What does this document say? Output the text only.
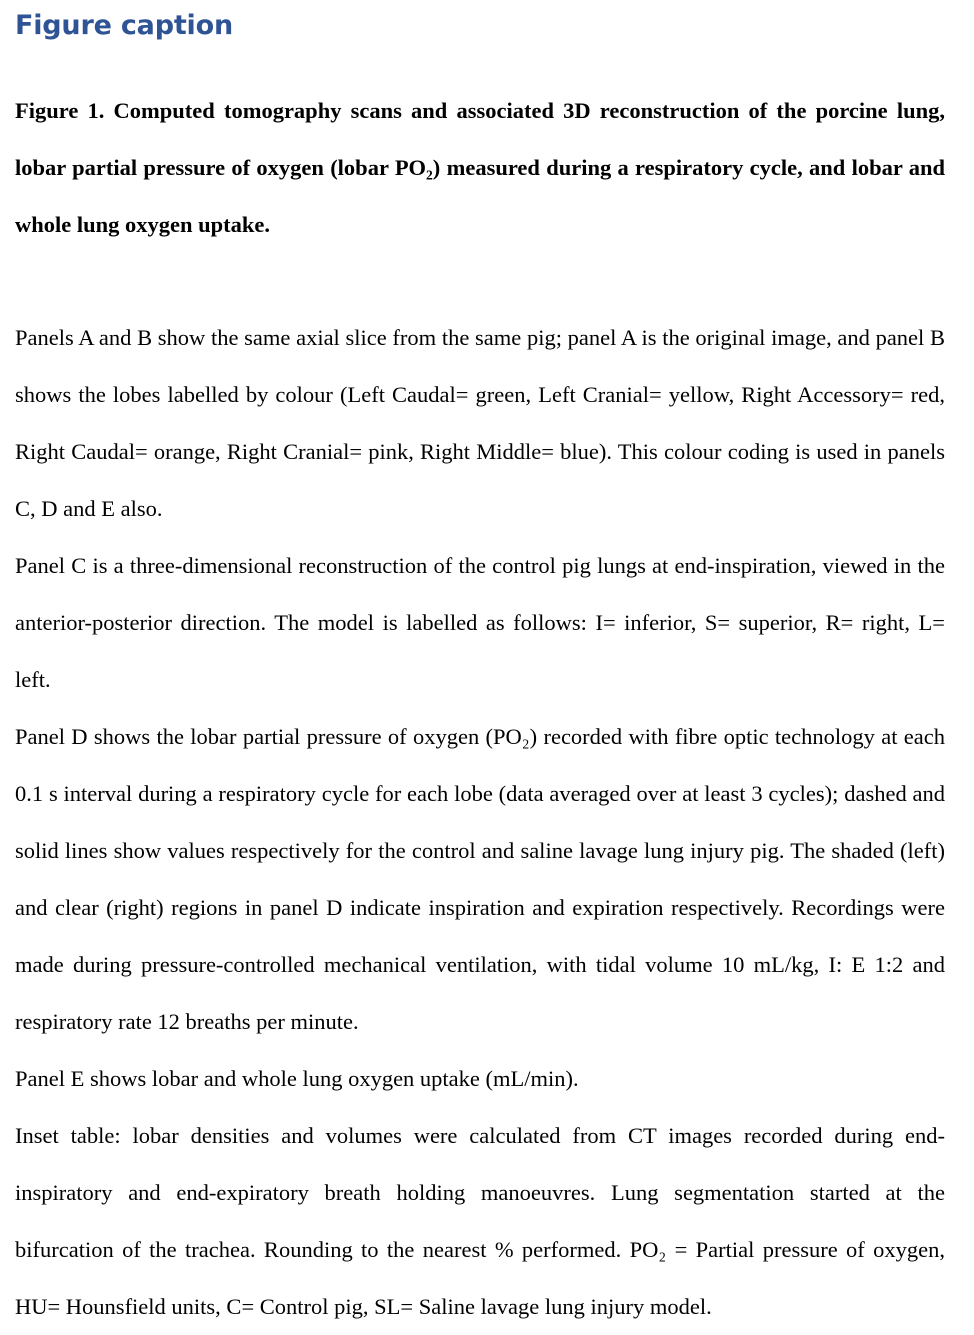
Figure caption

Figure 1. Computed tomography scans and associated 3D reconstruction of the porcine lung, lobar partial pressure of oxygen (lobar PO₂) measured during a respiratory cycle, and lobar and whole lung oxygen uptake.

Panels A and B show the same axial slice from the same pig; panel A is the original image, and panel B shows the lobes labelled by colour (Left Caudal= green, Left Cranial= yellow, Right Accessory= red, Right Caudal= orange, Right Cranial= pink, Right Middle= blue). This colour coding is used in panels C, D and E also.

Panel C is a three-dimensional reconstruction of the control pig lungs at end-inspiration, viewed in the anterior-posterior direction. The model is labelled as follows: I= inferior, S= superior, R= right, L= left.

Panel D shows the lobar partial pressure of oxygen (PO₂) recorded with fibre optic technology at each 0.1 s interval during a respiratory cycle for each lobe (data averaged over at least 3 cycles); dashed and solid lines show values respectively for the control and saline lavage lung injury pig. The shaded (left) and clear (right) regions in panel D indicate inspiration and expiration respectively. Recordings were made during pressure-controlled mechanical ventilation, with tidal volume 10 mL/kg, I: E 1:2 and respiratory rate 12 breaths per minute.

Panel E shows lobar and whole lung oxygen uptake (mL/min).

Inset table: lobar densities and volumes were calculated from CT images recorded during end-inspiratory and end-expiratory breath holding manoeuvres. Lung segmentation started at the bifurcation of the trachea. Rounding to the nearest % performed. PO₂ = Partial pressure of oxygen, HU= Hounsfield units, C= Control pig, SL= Saline lavage lung injury model.
